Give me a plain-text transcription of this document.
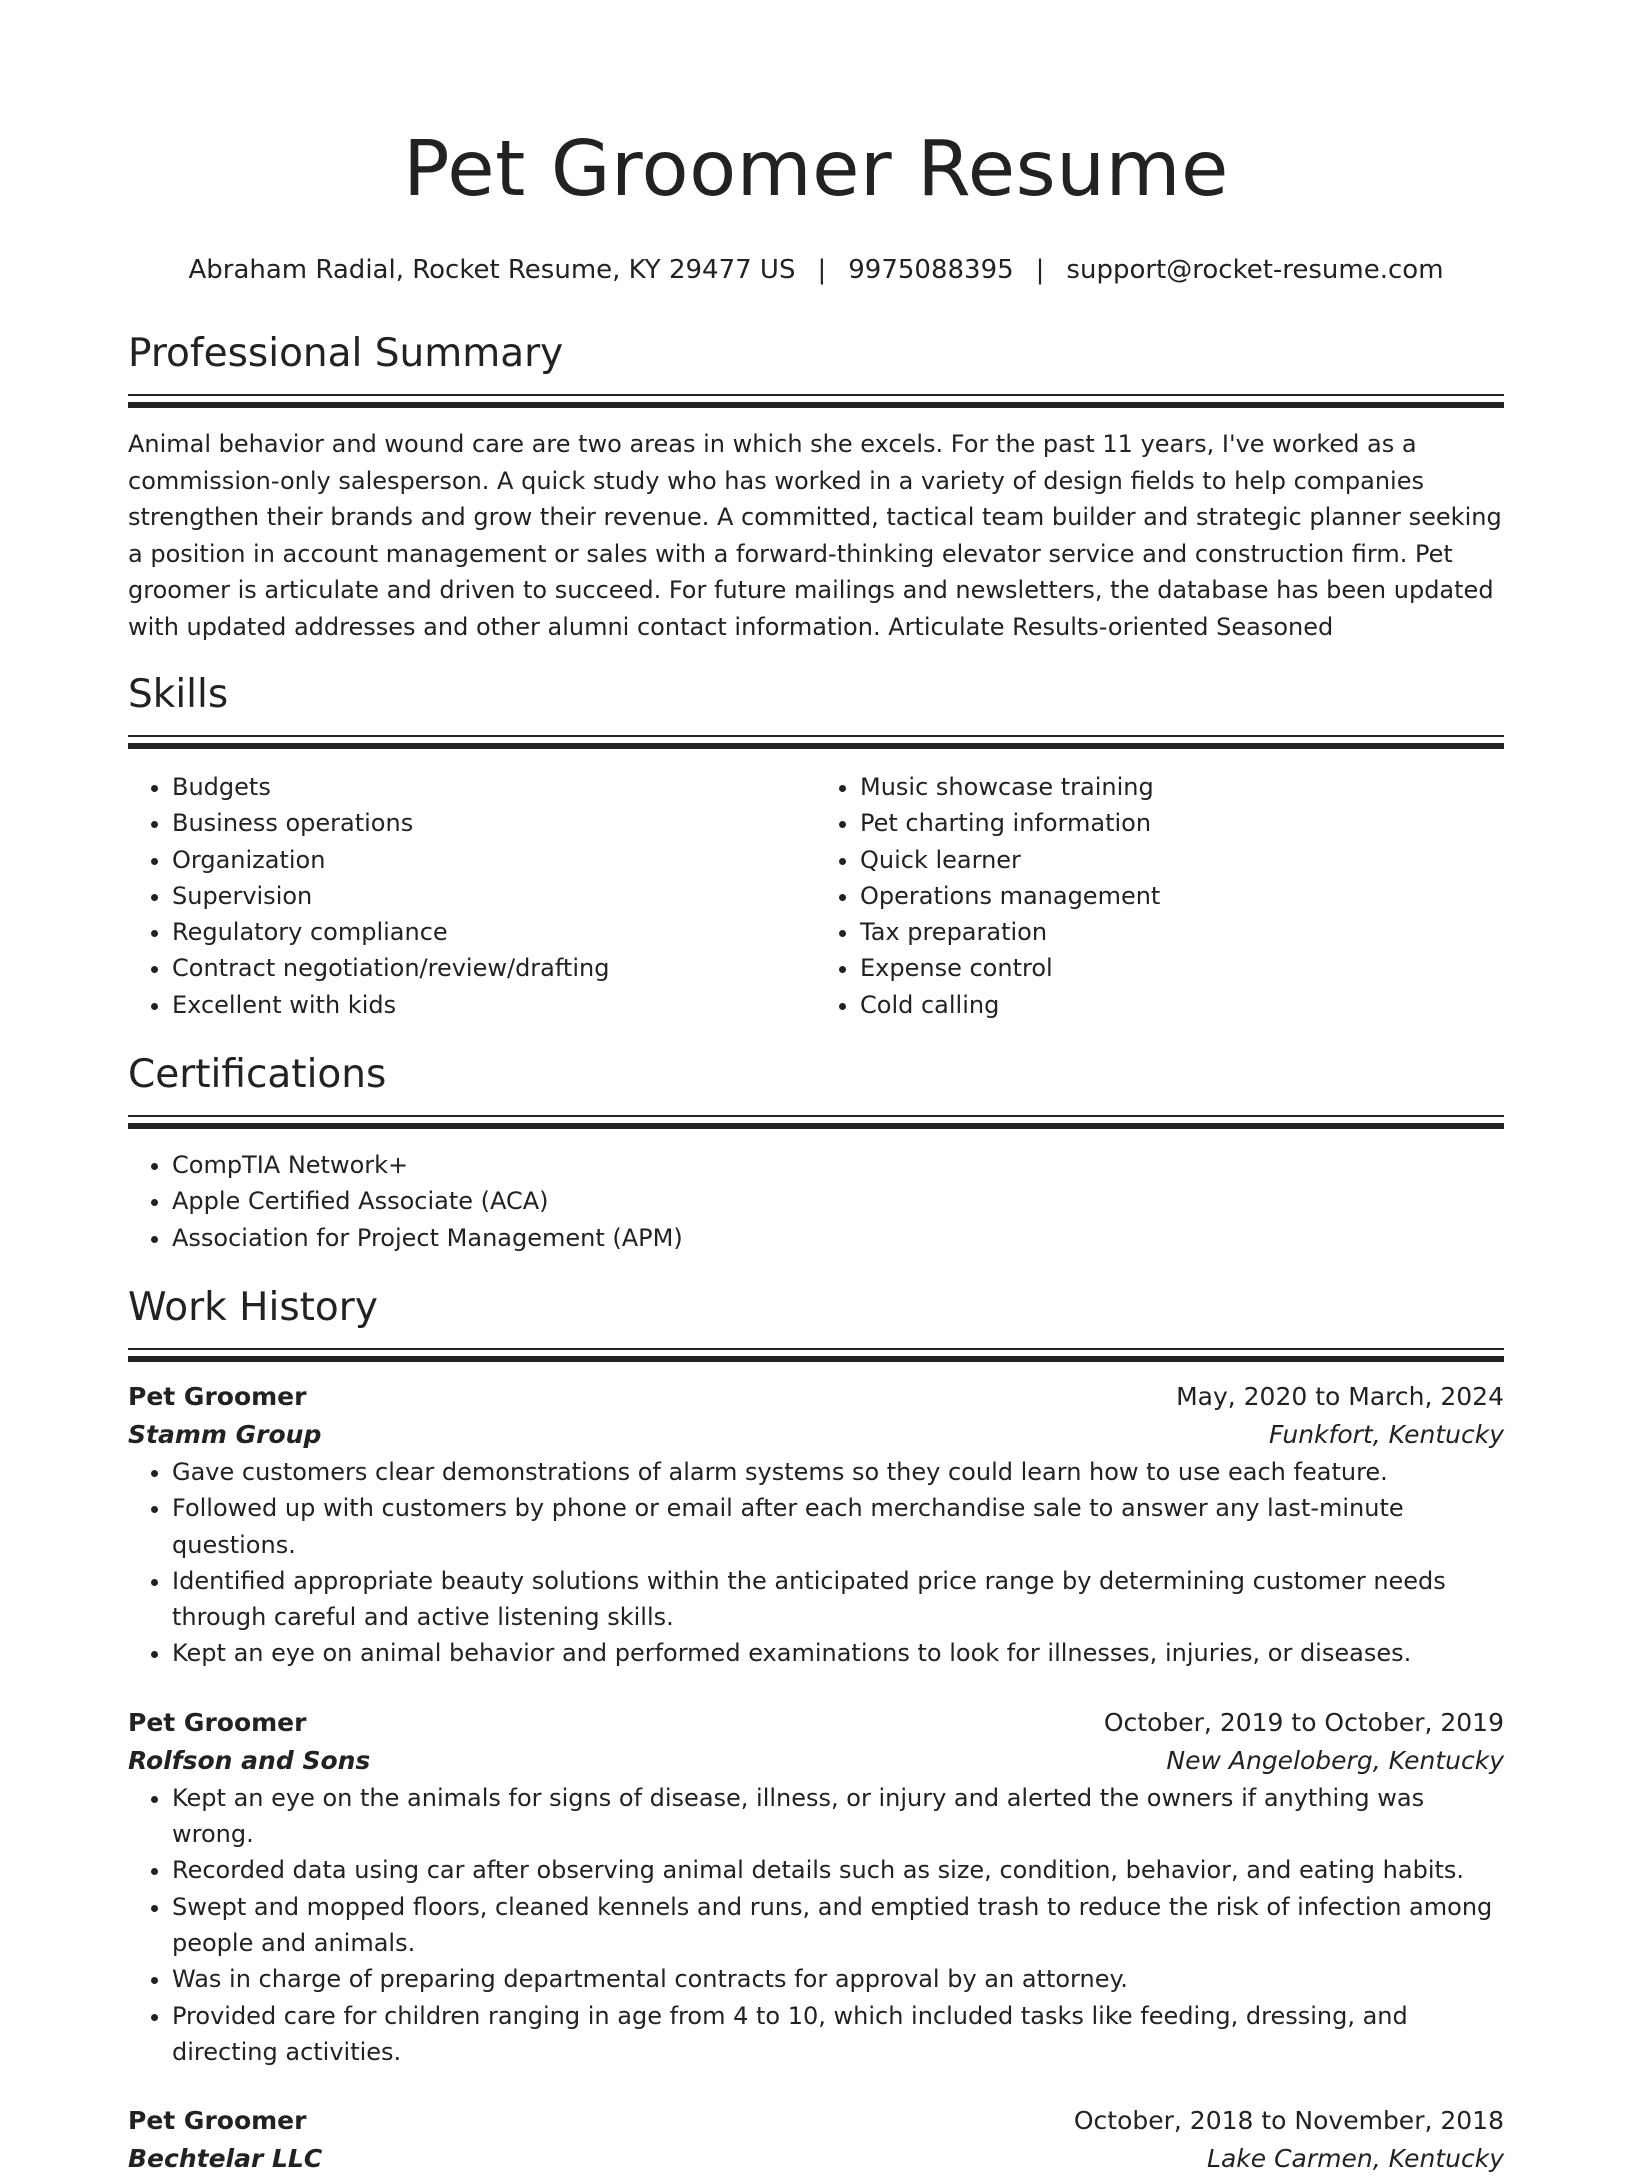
Pet Groomer Resume
Abraham Radial, Rocket Resume, KY 29477 US | 9975088395 | support@rocket-resume.com
Professional Summary

Animal behavior and wound care are two areas in which she excels. For the past 11 years, I've worked as a commission-only salesperson. A quick study who has worked in a variety of design fields to help companies strengthen their brands and grow their revenue. A committed, tactical team builder and strategic planner seeking a position in account management or sales with a forward-thinking elevator service and construction firm. Pet groomer is articulate and driven to succeed. For future mailings and newsletters, the database has been updated with updated addresses and other alumni contact information. Articulate Results-oriented Seasoned

Skills
• Budgets
• Business operations
• Organization
• Supervision
• Regulatory compliance
• Contract negotiation/review/drafting
• Excellent with kids
• Music showcase training
• Pet charting information
• Quick learner
• Operations management
• Tax preparation
• Expense control
• Cold calling
Certifications
• CompTIA Network+
• Apple Certified Associate (ACA)
• Association for Project Management (APM)
Work History
Pet Groomer	May, 2020 to March, 2024
Stamm Group	Funkfort, Kentucky
• Gave customers clear demonstrations of alarm systems so they could learn how to use each feature.
• Followed up with customers by phone or email after each merchandise sale to answer any last-minute questions.
• Identified appropriate beauty solutions within the anticipated price range by determining customer needs through careful and active listening skills.
• Kept an eye on animal behavior and performed examinations to look for illnesses, injuries, or diseases.
Pet Groomer	October, 2019 to October, 2019
Rolfson and Sons	New Angeloberg, Kentucky
• Kept an eye on the animals for signs of disease, illness, or injury and alerted the owners if anything was wrong.
• Recorded data using car after observing animal details such as size, condition, behavior, and eating habits.
• Swept and mopped floors, cleaned kennels and runs, and emptied trash to reduce the risk of infection among people and animals.
• Was in charge of preparing departmental contracts for approval by an attorney.
• Provided care for children ranging in age from 4 to 10, which included tasks like feeding, dressing, and directing activities.
Pet Groomer	October, 2018 to November, 2018
Bechtelar LLC	Lake Carmen, Kentucky
